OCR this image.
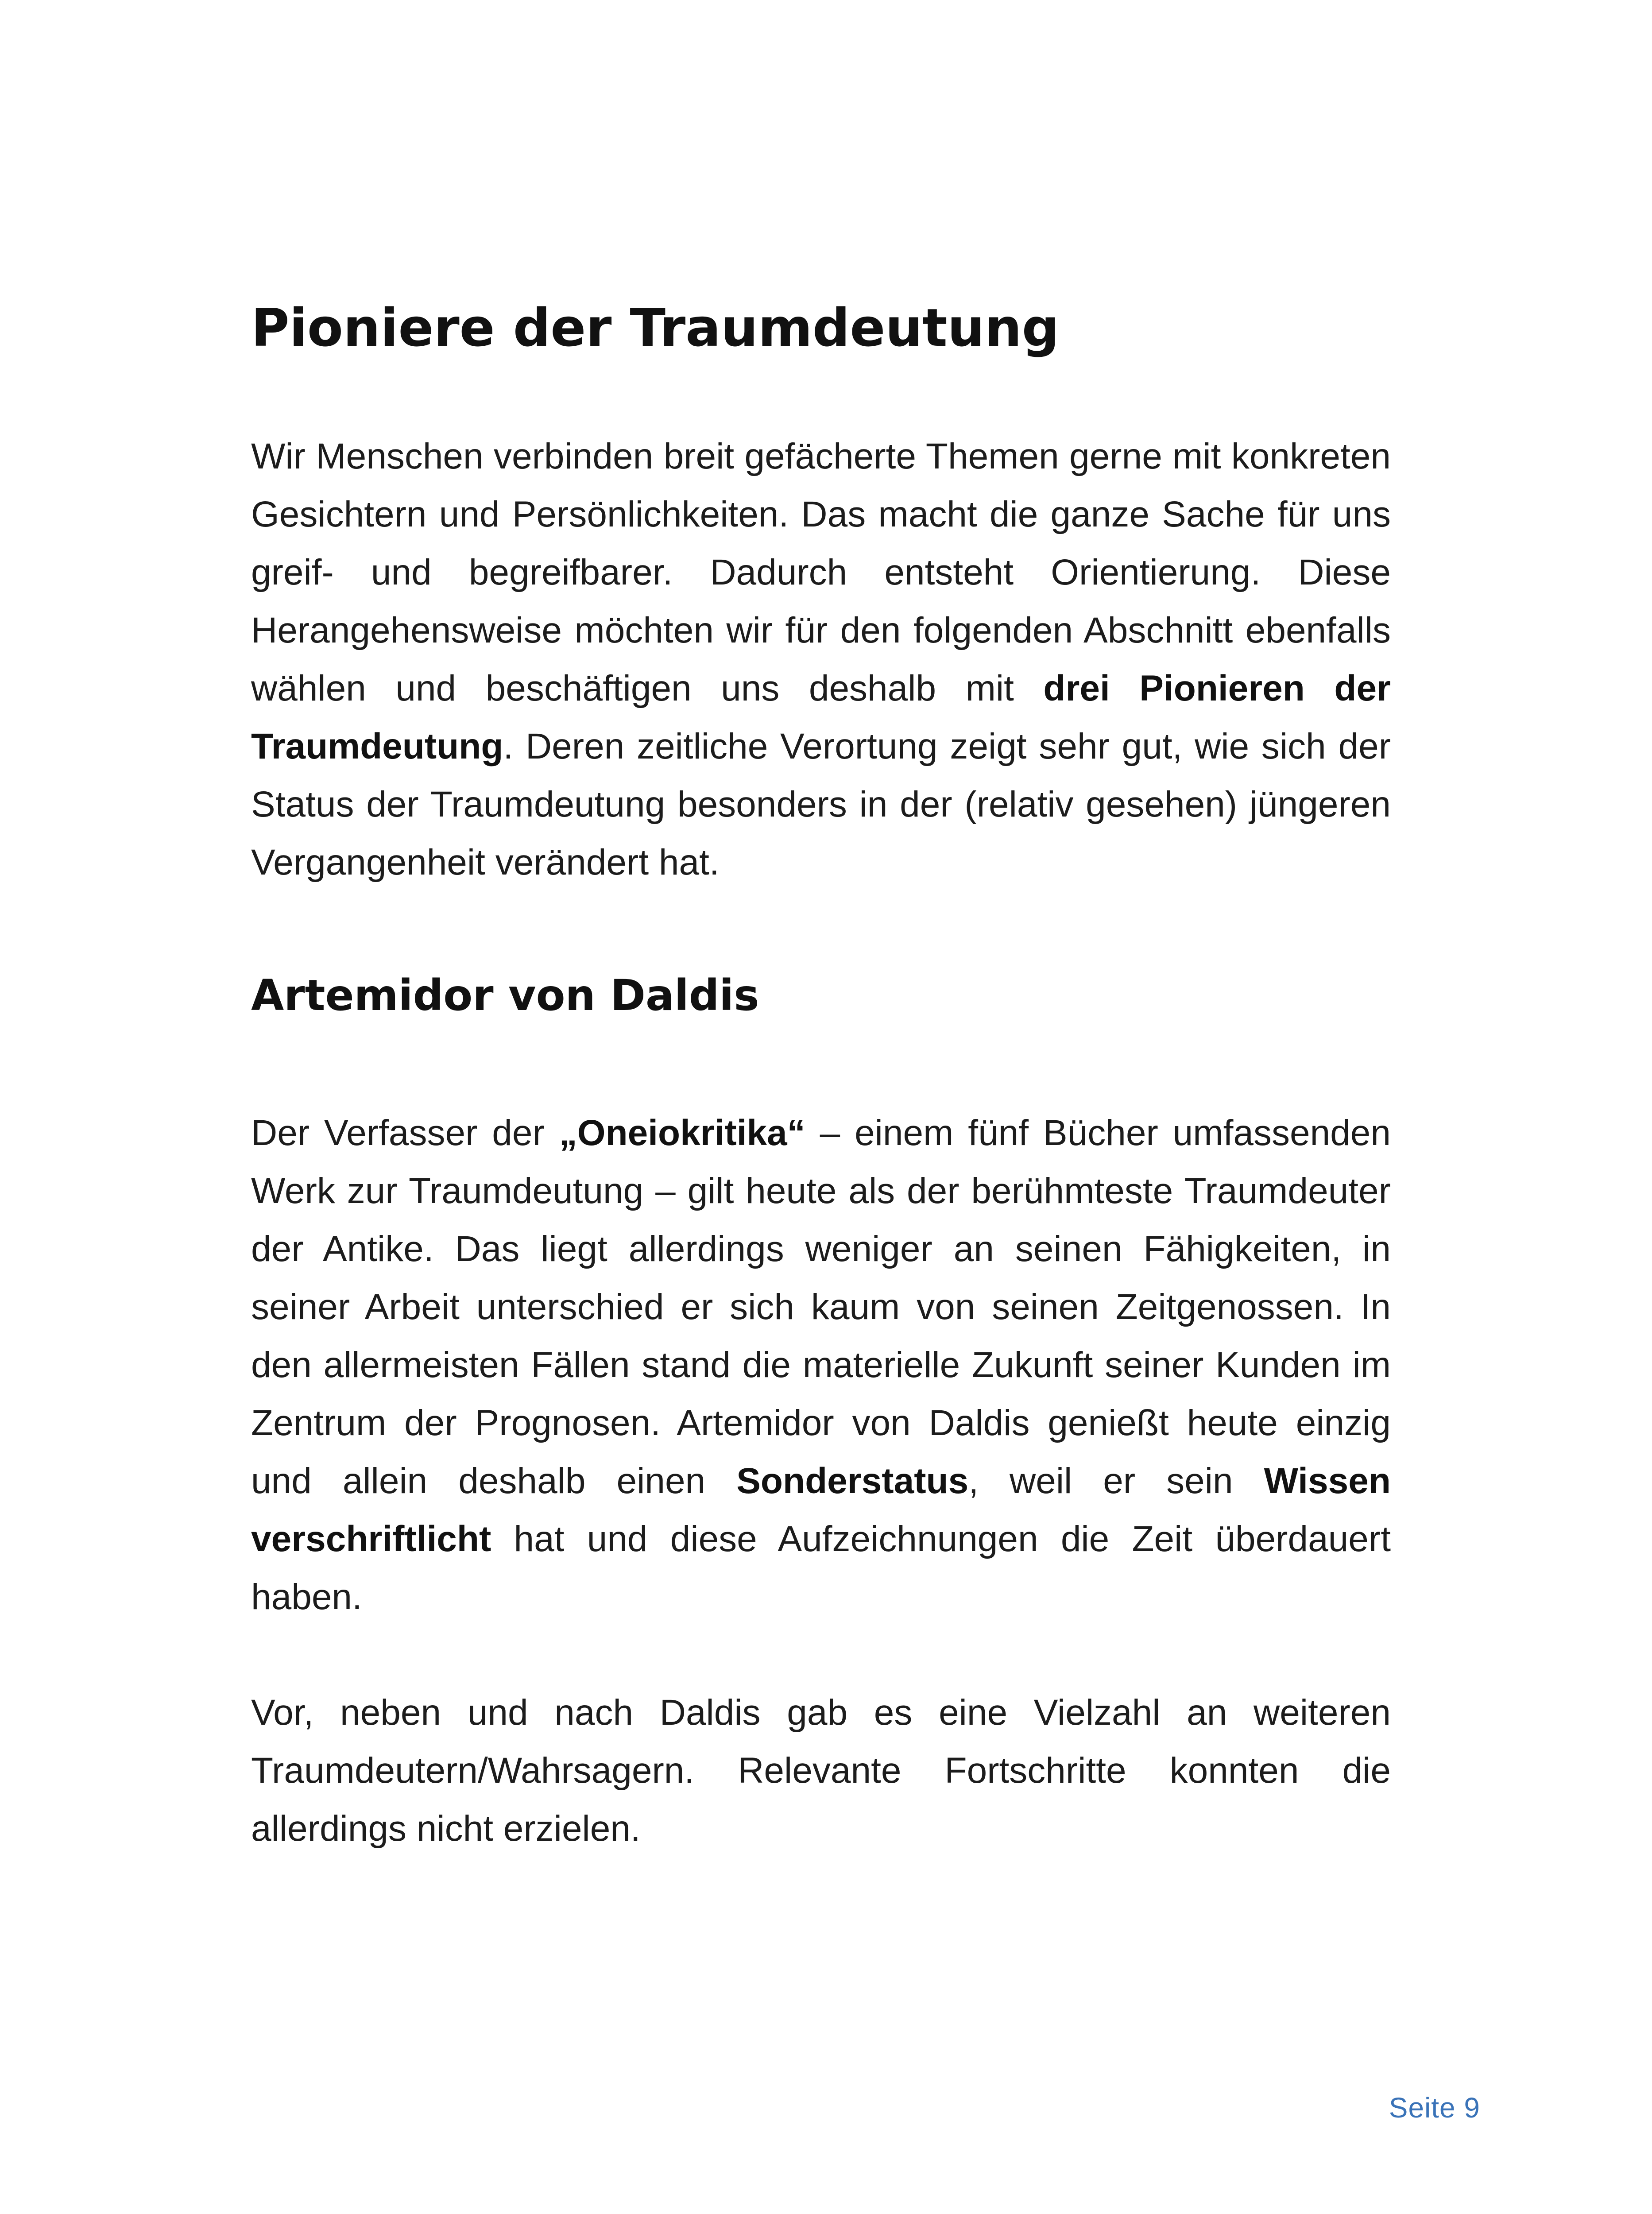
Pioniere der Traumdeutung

Wir Menschen verbinden breit gefächerte Themen gerne mit konkreten Gesichtern und Persönlichkeiten. Das macht die ganze Sache für uns greif- und begreifbarer. Dadurch entsteht Orientierung. Diese Herangehensweise möchten wir für den folgenden Abschnitt ebenfalls wählen und beschäftigen uns deshalb mit drei Pionieren der Traumdeutung. Deren zeitliche Verortung zeigt sehr gut, wie sich der Status der Traumdeutung besonders in der (relativ gesehen) jüngeren Vergangenheit verändert hat.

Artemidor von Daldis

Der Verfasser der „Oneiokritika“ – einem fünf Bücher umfassenden Werk zur Traumdeutung – gilt heute als der berühmteste Traumdeuter der Antike. Das liegt allerdings weniger an seinen Fähigkeiten, in seiner Arbeit unterschied er sich kaum von seinen Zeitgenossen. In den allermeisten Fällen stand die materielle Zukunft seiner Kunden im Zentrum der Prognosen. Artemidor von Daldis genießt heute einzig und allein deshalb einen Sonderstatus, weil er sein Wissen verschriftlicht hat und diese Aufzeichnungen die Zeit überdauert haben.

Vor, neben und nach Daldis gab es eine Vielzahl an weiteren Traumdeutern/Wahrsagern. Relevante Fortschritte konnten die allerdings nicht erzielen.

Seite 9
